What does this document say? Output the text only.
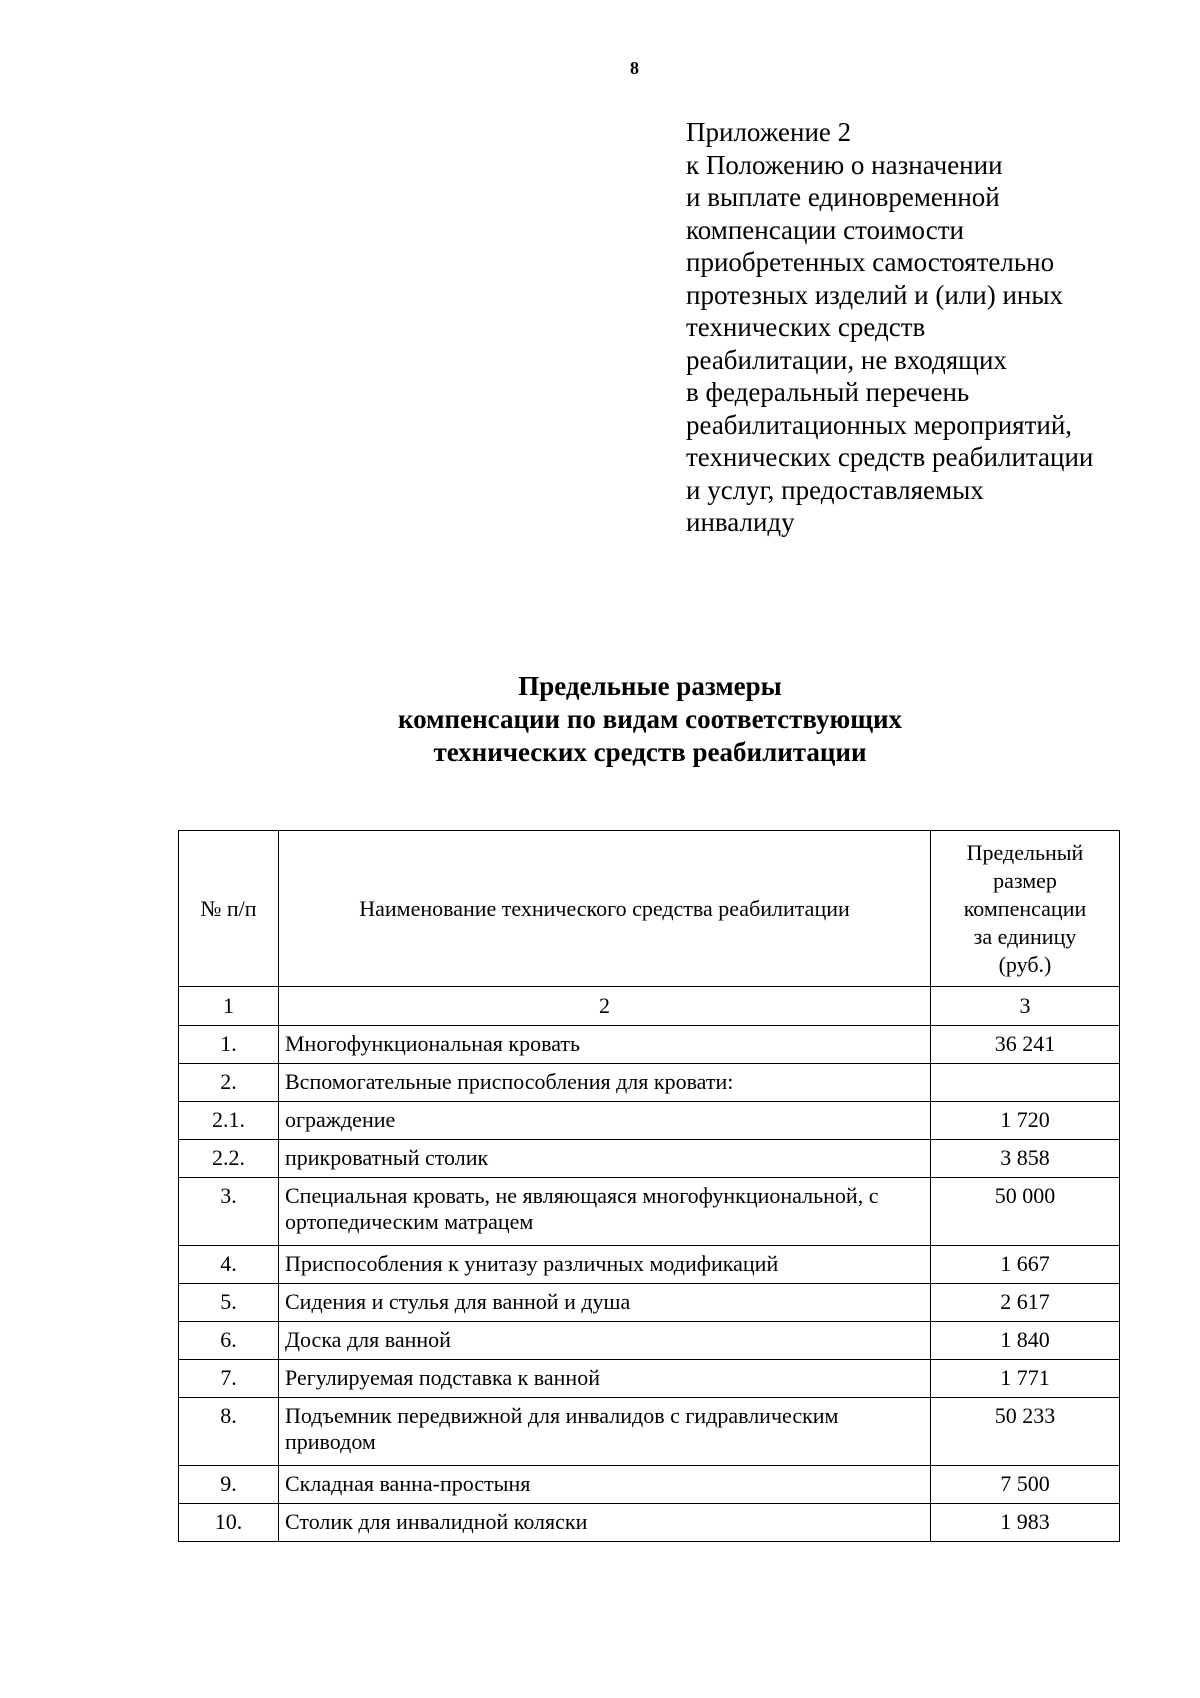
8
Приложение 2
к Положению о назначении
и выплате единовременной
компенсации стоимости
приобретенных самостоятельно
протезных изделий и (или) иных
технических средств
реабилитации, не входящих
в федеральный перечень
реабилитационных мероприятий,
технических средств реабилитации
и услуг, предоставляемых
инвалиду
Предельные размеры
компенсации по видам соответствующих
технических средств реабилитации
№ п/п	Наименование технического средства реабилитации	Предельный
размер
компенсации
за единицу
(руб.)

1	2	3
1.	Многофункциональная кровать	36 241
2.	Вспомогательные приспособления для кровати:	
2.1.	ограждение	1 720
2.2.	прикроватный столик	3 858
3.	Специальная кровать, не являющаяся многофункциональной, с ортопедическим матрацем	50 000
4.	Приспособления к унитазу различных модификаций	1 667
5.	Сидения и стулья для ванной и душа	2 617
6.	Доска для ванной	1 840
7.	Регулируемая подставка к ванной	1 771
8.	Подъемник передвижной для инвалидов с гидравлическим приводом	50 233
9.	Складная ванна-простыня	7 500
10.	Столик для инвалидной коляски	1 983
